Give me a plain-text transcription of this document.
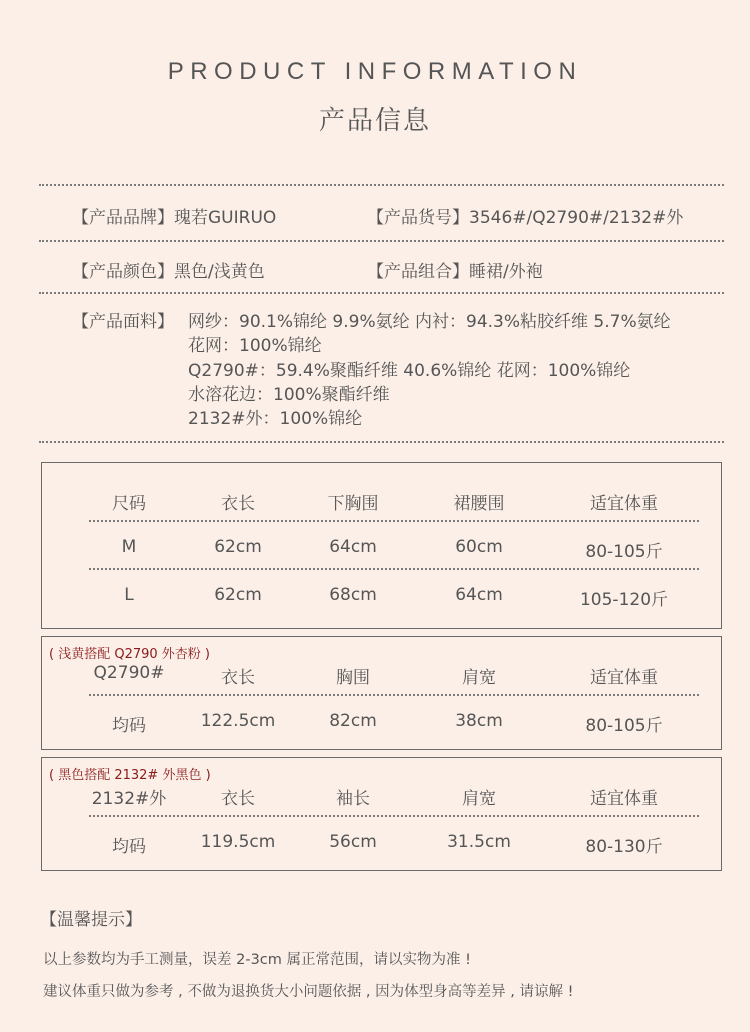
PRODUCT INFORMATION
产品信息
【产品品牌】瑰若GUIRUO	【产品货号】3546#/Q2790#/2132#外
【产品颜色】黑色/浅黄色	【产品组合】睡裙/外袍
【产品面料】 网纱：90.1%锦纶 9.9%氨纶 内衬：94.3%粘胶纤维 5.7%氨纶
花网：100%锦纶
Q2790#：59.4%聚酯纤维 40.6%锦纶 花网：100%锦纶
水溶花边：100%聚酯纤维
2132#外：100%锦纶
尺码	衣长	下胸围	裙腰围	适宜体重
M	62cm	64cm	60cm	80-105斤
L	62cm	68cm	64cm	105-120斤
( 浅黄搭配 Q2790 外杏粉 )
Q2790#	衣长	胸围	肩宽	适宜体重
均码	122.5cm	82cm	38cm	80-105斤
( 黑色搭配 2132# 外黑色 )
2132#外	衣长	袖长	肩宽	适宜体重
均码	119.5cm	56cm	31.5cm	80-130斤
【温馨提示】
以上参数均为手工测量，误差 2-3cm 属正常范围，请以实物为准 !
建议体重只做为参考 , 不做为退换货大小问题依据 , 因为体型身高等差异 , 请谅解 !
